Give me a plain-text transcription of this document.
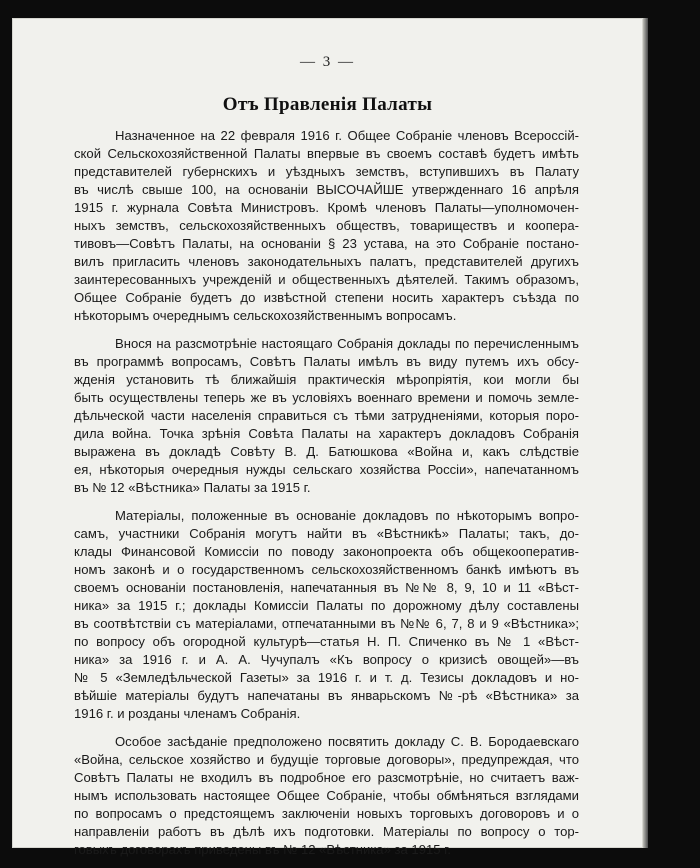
— 3 —
Отъ Правленія Палаты
Назначенное на 22 февраля 1916 г. Общее Собраніе членовъ Всероссій-
ской Сельскохозяйственной Палаты впервые въ своемъ составѣ будетъ имѣть
представителей губернскихъ и уѣздныхъ земствъ, вступившихъ въ Палату
въ числѣ свыше 100, на основаніи ВЫСОЧАЙШЕ утвержденнаго 16 апрѣля
1915 г. журнала Совѣта Министровъ. Кромѣ членовъ Палаты—уполномочен-
ныхъ земствъ, сельскохозяйственныхъ обществъ, товариществъ и коопера-
тивовъ—Совѣтъ Палаты, на основаніи § 23 устава, на это Собраніе постано-
вилъ пригласить членовъ законодательныхъ палатъ, представителей другихъ
заинтересованныхъ учрежденій и общественныхъ дѣятелей. Такимъ образомъ,
Общее Собраніе будетъ до извѣстной степени носить характеръ съѣзда по
нѣкоторымъ очереднымъ сельскохозяйственнымъ вопросамъ.
Внося на разсмотрѣніе настоящаго Собранія доклады по перечисленнымъ
въ программѣ вопросамъ, Совѣтъ Палаты имѣлъ въ виду путемъ ихъ обсу-
жденія установить тѣ ближайшія практическія мѣропріятія, кои могли бы
быть осуществлены теперь же въ условіяхъ военнаго времени и помочь земле-
дѣльческой части населенія справиться съ тѣми затрудненіями, которыя поро-
дила война. Точка зрѣнія Совѣта Палаты на характеръ докладовъ Собранія
выражена въ докладѣ Совѣту В. Д. Батюшкова «Война и, какъ слѣдствіе
ея, нѣкоторыя очередныя нужды сельскаго хозяйства Россіи», напечатанномъ
въ № 12 «Вѣстника» Палаты за 1915 г.
Матеріалы, положенные въ основаніе докладовъ по нѣкоторымъ вопро-
самъ, участники Собранія могутъ найти въ «Вѣстникѣ» Палаты; такъ, до-
клады Финансовой Комиссіи по поводу законопроекта объ общекооператив-
номъ законѣ и о государственномъ сельскохозяйственномъ банкѣ имѣютъ въ
своемъ основаніи постановленія, напечатанныя въ №№ 8, 9, 10 и 11 «Вѣст-
ника» за 1915 г.; доклады Комиссіи Палаты по дорожному дѣлу составлены
въ соотвѣтствіи съ матеріалами, отпечатанными въ №№ 6, 7, 8 и 9 «Вѣстника»;
по вопросу объ огородной культурѣ—статья Н. П. Спиченко въ № 1 «Вѣст-
ника» за 1916 г. и А. А. Чучупалъ «Къ вопросу о кризисѣ овощей»—въ
№ 5 «Земледѣльческой Газеты» за 1916 г. и т. д. Тезисы докладовъ и но-
вѣйшіе матеріалы будутъ напечатаны въ январьскомъ №-рѣ «Вѣстника» за
1916 г. и розданы членамъ Собранія.
Особое засѣданіе предположено посвятить докладу С. В. Бородаевскаго
«Война, сельское хозяйство и будущіе торговые договоры», предупреждая, что
Совѣтъ Палаты не входилъ въ подробное его разсмотрѣніе, но считаетъ важ-
нымъ использовать настоящее Общее Собраніе, чтобы обмѣняться взглядами
по вопросамъ о предстоящемъ заключеніи новыхъ торговыхъ договоровъ и о
направленіи работъ въ дѣлѣ ихъ подготовки. Матеріалы по вопросу о тор-
говыхъ договорахъ приведены въ № 12 «Вѣстника» за 1915 г.
